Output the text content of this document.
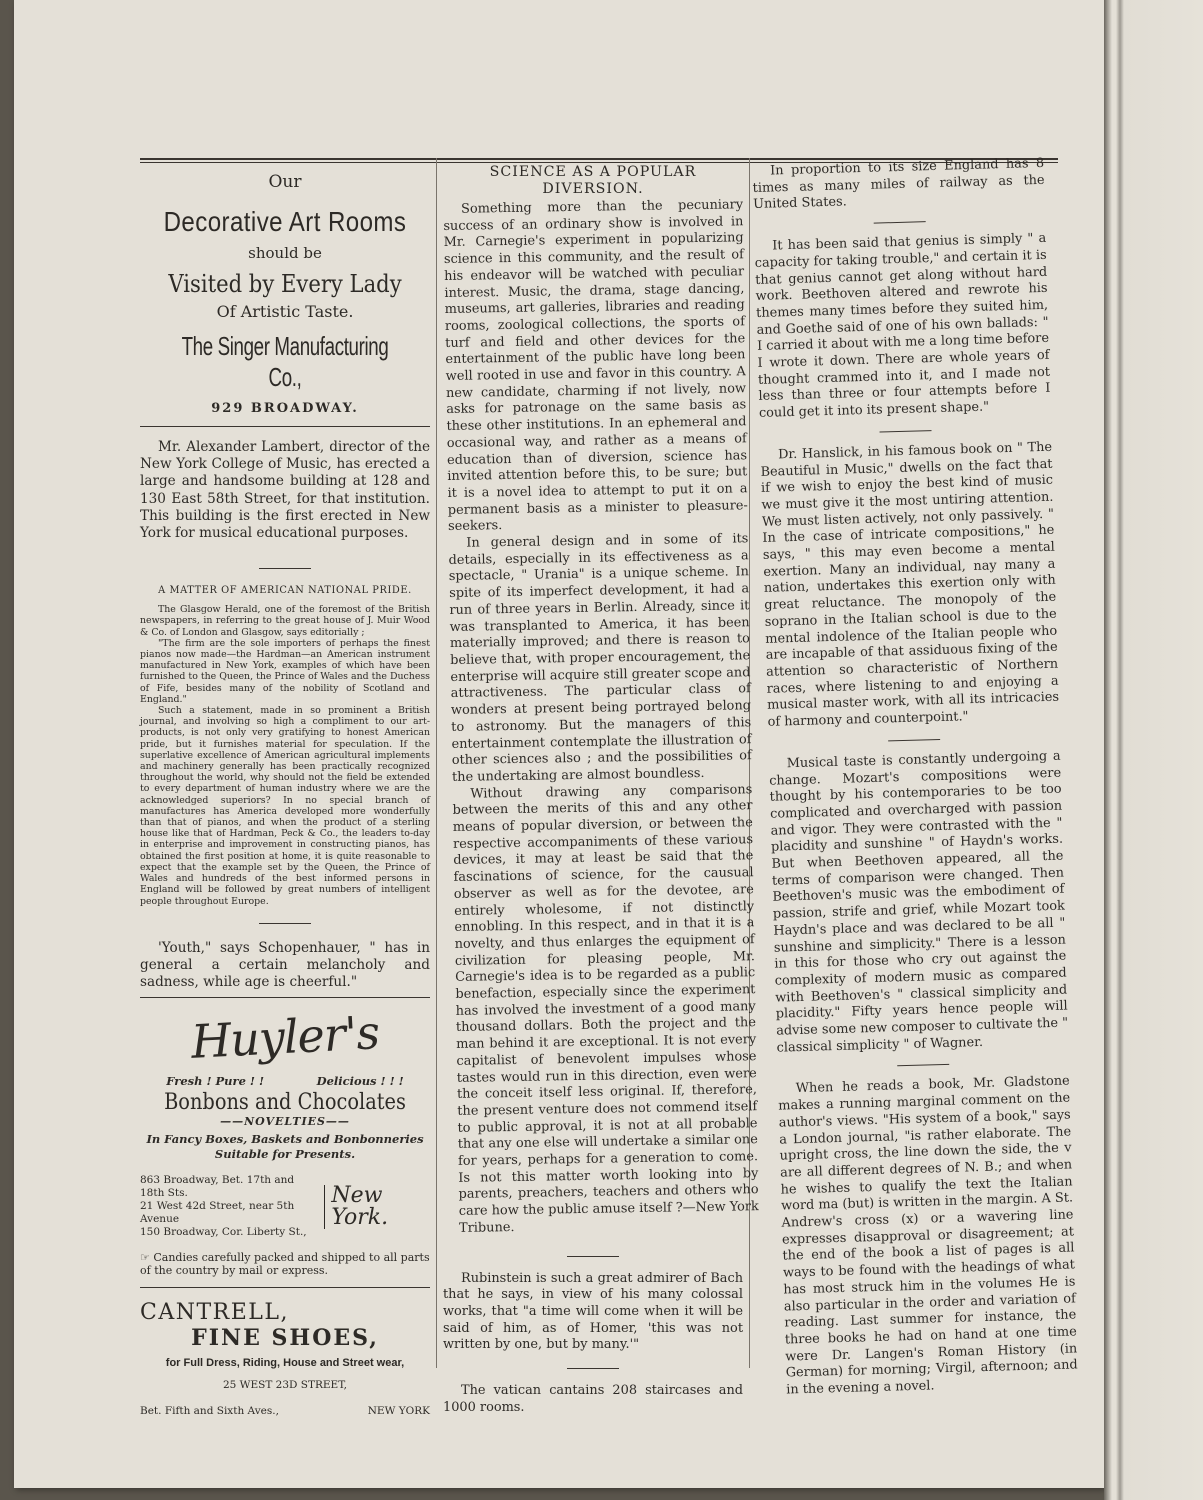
Our
Decorative Art Rooms
should be
Visited by Every Lady
Of Artistic Taste.
The Singer Manufacturing Co.,
929 BROADWAY.

Mr. Alexander Lambert, director of the New York College of Music, has erected a large and handsome building at 128 and 130 East 58th Street, for that institution. This building is the first erected in New York for musical educational purposes.

A MATTER OF AMERICAN NATIONAL PRIDE.

The Glasgow Herald, one of the foremost of the British newspapers, in referring to the great house of J. Muir Wood & Co. of London and Glasgow, says editorially ;

"The firm are the sole importers of perhaps the finest pianos now made—the Hardman—an American instrument manufactured in New York, examples of which have been furnished to the Queen, the Prince of Wales and the Duchess of Fife, besides many of the nobility of Scotland and England."

Such a statement, made in so prominent a British journal, and involving so high a compliment to our art-products, is not only very gratifying to honest American pride, but it furnishes material for speculation. If the superlative excellence of American agricultural implements and machinery generally has been practically recognized throughout the world, why should not the field be extended to every department of human industry where we are the acknowledged superiors? In no special branch of manufactures has America developed more wonderfully than that of pianos, and when the product of a sterling house like that of Hardman, Peck & Co., the leaders to-day in enterprise and improvement in constructing pianos, has obtained the first position at home, it is quite reasonable to expect that the example set by the Queen, the Prince of Wales and hundreds of the best informed persons in England will be followed by great numbers of intelligent people throughout Europe.

'Youth," says Schopenhauer, " has in general a certain melancholy and sadness, while age is cheerful."

Huyler's
Fresh ! Pure ! !	Delicious ! ! !
Bonbons and Chocolates
——NOVELTIES——
In Fancy Boxes, Baskets and Bonbonneries Suitable for Presents.
863 Broadway, Bet. 17th and 18th Sts.
21 West 42d Street, near 5th Avenue
150 Broadway, Cor. Liberty St.,
New York.
☞ Candies carefully packed and shipped to all parts of the country by mail or express.
CANTRELL,
FINE SHOES,
for Full Dress, Riding, House and Street wear,
25 WEST 23D STREET,
Bet. Fifth and Sixth Aves.,	NEW YORK
SCIENCE AS A POPULAR DIVERSION.

Something more than the pecuniary success of an ordinary show is involved in Mr. Carnegie's experiment in popularizing science in this community, and the result of his endeavor will be watched with peculiar interest. Music, the drama, stage dancing, museums, art galleries, libraries and reading rooms, zoological collections, the sports of turf and field and other devices for the entertainment of the public have long been well rooted in use and favor in this country. A new candidate, charming if not lively, now asks for patronage on the same basis as these other institutions. In an ephemeral and occasional way, and rather as a means of education than of diversion, science has invited attention before this, to be sure; but it is a novel idea to attempt to put it on a permanent basis as a minister to pleasure-seekers.

In general design and in some of its details, especially in its effectiveness as a spectacle, " Urania" is a unique scheme. In spite of its imperfect development, it had a run of three years in Berlin. Already, since it was transplanted to America, it has been materially improved; and there is reason to believe that, with proper encouragement, the enterprise will acquire still greater scope and attractiveness. The particular class of wonders at present being portrayed belong to astronomy. But the managers of this entertainment contemplate the illustration of other sciences also ; and the possibilities of the undertaking are almost boundless.

Without drawing any comparisons between the merits of this and any other means of popular diversion, or between the respective accompaniments of these various devices, it may at least be said that the fascinations of science, for the causual observer as well as for the devotee, are entirely wholesome, if not distinctly ennobling. In this respect, and in that it is a novelty, and thus enlarges the equipment of civilization for pleasing people, Mr. Carnegie's idea is to be regarded as a public benefaction, especially since the experiment has involved the investment of a good many thousand dollars. Both the project and the man behind it are exceptional. It is not every capitalist of benevolent impulses whose tastes would run in this direction, even were the conceit itself less original. If, therefore, the present venture does not commend itself to public approval, it is not at all probable that any one else will undertake a similar one for years, perhaps for a generation to come. Is not this matter worth looking into by parents, preachers, teachers and others who care how the public amuse itself ?—New York Tribune.

Rubinstein is such a great admirer of Bach that he says, in view of his many colossal works, that "a time will come when it will be said of him, as of Homer, 'this was not written by one, but by many.'"

The vatican cantains 208 staircases and 1000 rooms.

In proportion to its size England has 8 times as many miles of railway as the United States.

It has been said that genius is simply " a capacity for taking trouble," and certain it is that genius cannot get along without hard work. Beethoven altered and rewrote his themes many times before they suited him, and Goethe said of one of his own ballads: " I carried it about with me a long time before I wrote it down. There are whole years of thought crammed into it, and I made not less than three or four attempts before I could get it into its present shape."

Dr. Hanslick, in his famous book on " The Beautiful in Music," dwells on the fact that if we wish to enjoy the best kind of music we must give it the most untiring attention. We must listen actively, not only passively. " In the case of intricate compositions," he says, " this may even become a mental exertion. Many an individual, nay many a nation, undertakes this exertion only with great reluctance. The monopoly of the soprano in the Italian school is due to the mental indolence of the Italian people who are incapable of that assiduous fixing of the attention so characteristic of Northern races, where listening to and enjoying a musical master work, with all its intricacies of harmony and counterpoint."

Musical taste is constantly undergoing a change. Mozart's compositions were thought by his contemporaries to be too complicated and overcharged with passion and vigor. They were contrasted with the " placidity and sunshine " of Haydn's works. But when Beethoven appeared, all the terms of comparison were changed. Then Beethoven's music was the embodiment of passion, strife and grief, while Mozart took Haydn's place and was declared to be all " sunshine and simplicity." There is a lesson in this for those who cry out against the complexity of modern music as compared with Beethoven's " classical simplicity and placidity." Fifty years hence people will advise some new composer to cultivate the " classical simplicity " of Wagner.

When he reads a book, Mr. Gladstone makes a running marginal comment on the author's views. "His system of a book," says a London journal, "is rather elaborate. The upright cross, the line down the side, the v are all different degrees of N. B.; and when he wishes to qualify the text the Italian word ma (but) is written in the margin. A St. Andrew's cross (x) or a wavering line expresses disapproval or disagreement; at the end of the book a list of pages is all ways to be found with the headings of what has most struck him in the volumes He is also particular in the order and variation of reading. Last summer for instance, the three books he had on hand at one time were Dr. Langen's Roman History (in German) for morning; Virgil, afternoon; and in the evening a novel.
